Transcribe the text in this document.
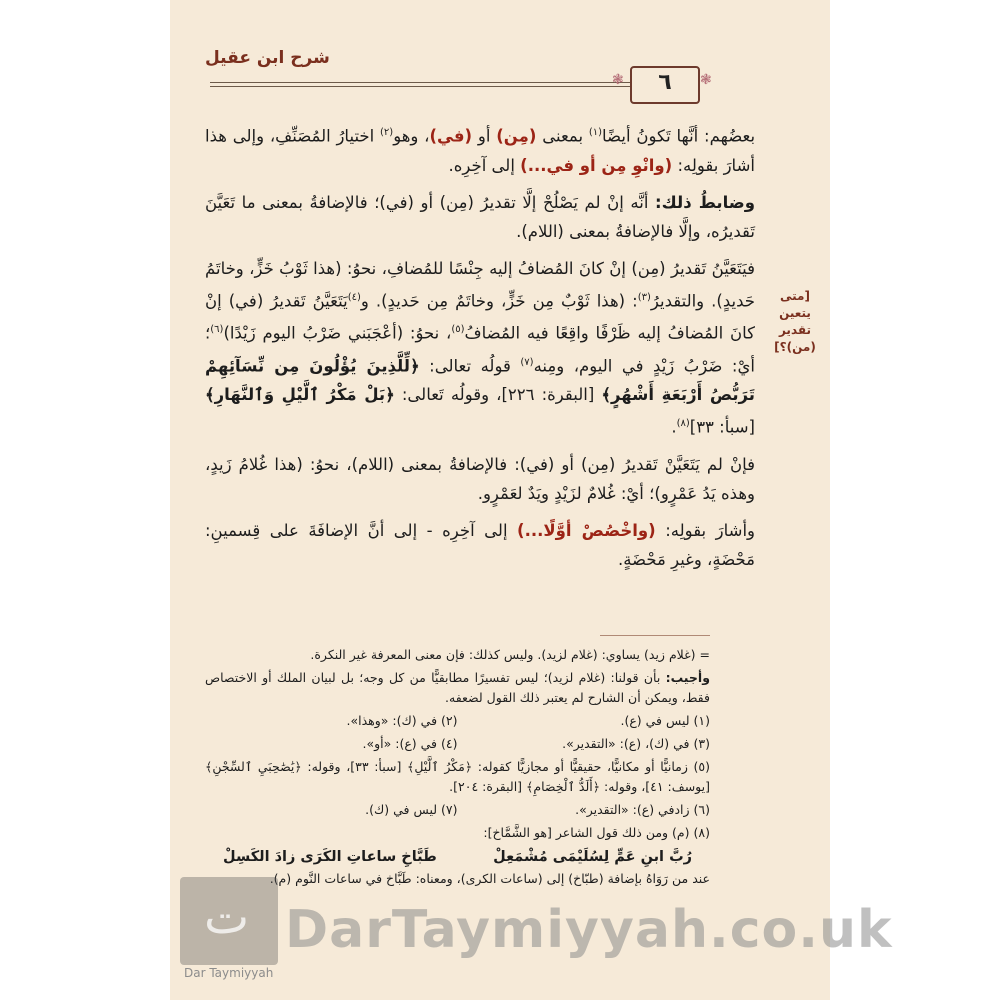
شرح ابن عقيل
٦
❃	❃
[متى يتعين
تقدير (من)؟]

بعضُهم: أنَّها تَكونُ أيضًا$^{(١)}$ بمعنى (مِن) أو (في)، وهو$^{(٢)}$ اختيارُ المُصَنِّفِ، وإلى هذا أشارَ بقولِه: (وانْوِ مِن أو في...) إلى آخِرِه.

وضابطُ ذلك: أنَّه إنْ لم يَصْلُحْ إلَّا تقديرُ (مِن) أو (في)؛ فالإضافةُ بمعنى ما تَعَيَّنَ تَقديرُه، وإلَّا فالإضافةُ بمعنى (اللام).

فيَتَعَيَّنُ تَقديرُ (مِن) إنْ كانَ المُضافُ إليه جِنْسًا للمُضافِ، نحوُ: (هذا ثَوْبُ خَزٍّ، وخاتَمُ حَديدٍ). والتقديرُ$^{(٣)}$: (هذا ثَوْبٌ مِن خَزٍّ، وخاتَمٌ مِن حَديدٍ). و$^{(٤)}$يَتَعَيَّنُ تَقديرُ (في) إنْ كانَ المُضافُ إليه ظَرْفًا واقِعًا فيه المُضافُ$^{(٥)}$، نحوُ: (أعْجَبَني ضَرْبُ اليوم زَيْدًا)$^{(٦)}$؛ أيْ: ضَرْبُ زَيْدٍ في اليوم، ومِنه$^{(٧)}$ قولُه تعالى: ﴿لِّلَّذِينَ يُؤْلُونَ مِن نِّسَآئِهِمْ تَرَبُّصُ أَرْبَعَةِ أَشْهُرٍ﴾ [البقرة: ٢٢٦]، وقولُه تَعالى: ﴿بَلْ مَكْرُ ٱلَّيْلِ وَٱلنَّهَارِ﴾ [سبأ: ٣٣]$^{(٨)}$.

فإنْ لم يَتَعَيَّنْ تَقديرُ (مِن) أو (في): فالإضافةُ بمعنى (اللام)، نحوُ: (هذا غُلامُ زَيدٍ، وهذه يَدُ عَمْرٍو)؛ أيْ: غُلامٌ لزَيْدٍ ويَدٌ لعَمْرٍو.

وأشارَ بقولِه: (واخْصُصْ أوَّلًا...) إلى آخِرِه - إلى أنَّ الإضافَةَ على قِسمينِ: مَحْضَةٍ، وغيرِ مَحْضَةٍ.

= (غلام زيد) يساوي: (غلام لزيد). وليس كذلك: فإن معنى المعرفة غير النكرة.

وأجيب: بأن قولنا: (غلام لزيد)؛ ليس تفسيرًا مطابقيًّا من كل وجه؛ بل لبيان الملك أو الاختصاص فقط، ويمكن أن الشارح لم يعتبر ذلك القول لضعفه.

(١) ليس في (ع).
(٢) في (ك): «وهذا».
(٣) في (ك)، (ع): «التقدير».
(٤) في (ع): «أو».

(٥) زمانيًّا أو مكانيًّا، حقيقيًّا أو مجازيًّا كقوله: ﴿مَكْرُ ٱلَّيْلِ﴾ [سبأ: ٣٣]، وقوله: ﴿يَٰصَٰحِبَيِ ٱلسِّجْنِ﴾ [يوسف: ٤١]، وقوله: ﴿أَلَدُّ ٱلْخِصَامِ﴾ [البقرة: ٢٠٤].

(٦) زادفي (ع): «التقدير».
(٧) ليس في (ك).

(٨) (م) ومن ذلك قول الشاعر [هو الشَّمَّاخ]:

رُبَّ ابنِ عَمٍّ لِسُلَيْمَى مُشْمَعِلْ
طَبَّاخِ ساعاتِ الكَرَى زادَ الكَسِلْ

عند من رَوَاهُ بإضافة (طبّاخ) إلى (ساعات الكرى)، ومعناه: طَبَّاخ في ساعات النَّوم (م).

ت
Dar Taymiyyah
DarTaymiyyah.co.uk
